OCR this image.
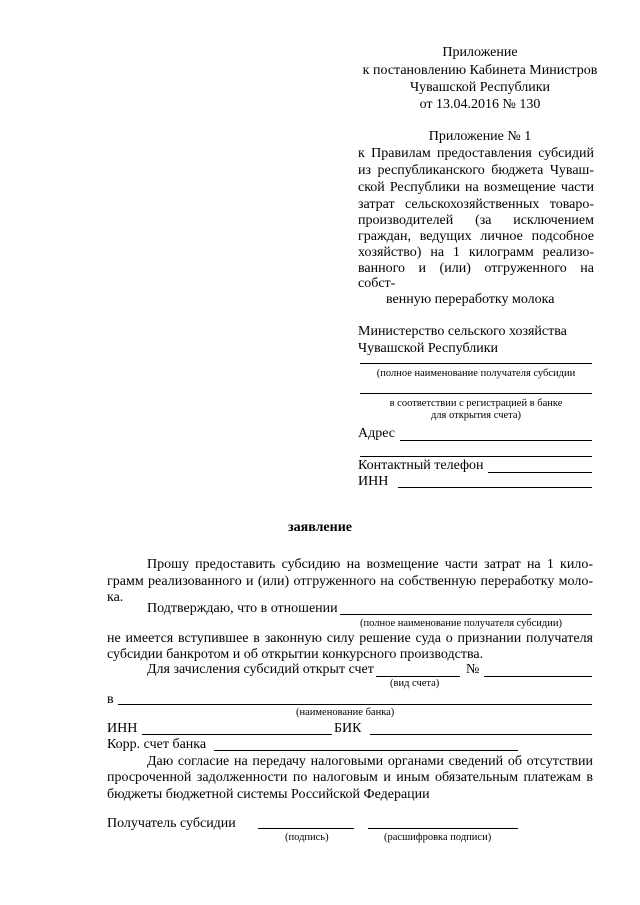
Приложение
к постановлению Кабинета Министров
Чувашской Республики
от 13.04.2016 № 130
Приложение № 1
к Правилам предоставления субсидий
из республиканского бюджета Чуваш-
ской Республики на возмещение части
затрат сельскохозяйственных товаро-
производителей (за исключением
граждан, ведущих личное подсобное
хозяйство) на 1 килограмм реализо-
ванного и (или) отгруженного на
собст-
венную переработку молока
Министерство сельского хозяйства
Чувашской Республики
(полное наименование получателя субсидии
в соответствии с регистрацией в банке
для открытия счета)
Адрес
Контактный телефон
ИНН
заявление
Прошу предоставить субсидию на возмещение части затрат на 1 кило-
грамм реализованного и (или) отгруженного на собственную переработку моло-
ка.
Подтверждаю, что в отношении
(полное наименование получателя субсидии)
не имеется вступившее в законную силу решение суда о признании получателя
субсидии банкротом и об открытии конкурсного производства.
Для зачисления субсидий открыт счет	№
(вид счета)
в
(наименование банка)
ИНН	БИК
Корр. счет банка
Даю согласие на передачу налоговыми органами сведений об отсутствии
просроченной задолженности по налоговым и иным обязательным платежам в
бюджеты бюджетной системы Российской Федерации
Получатель субсидии
(подпись)	(расшифровка подписи)
